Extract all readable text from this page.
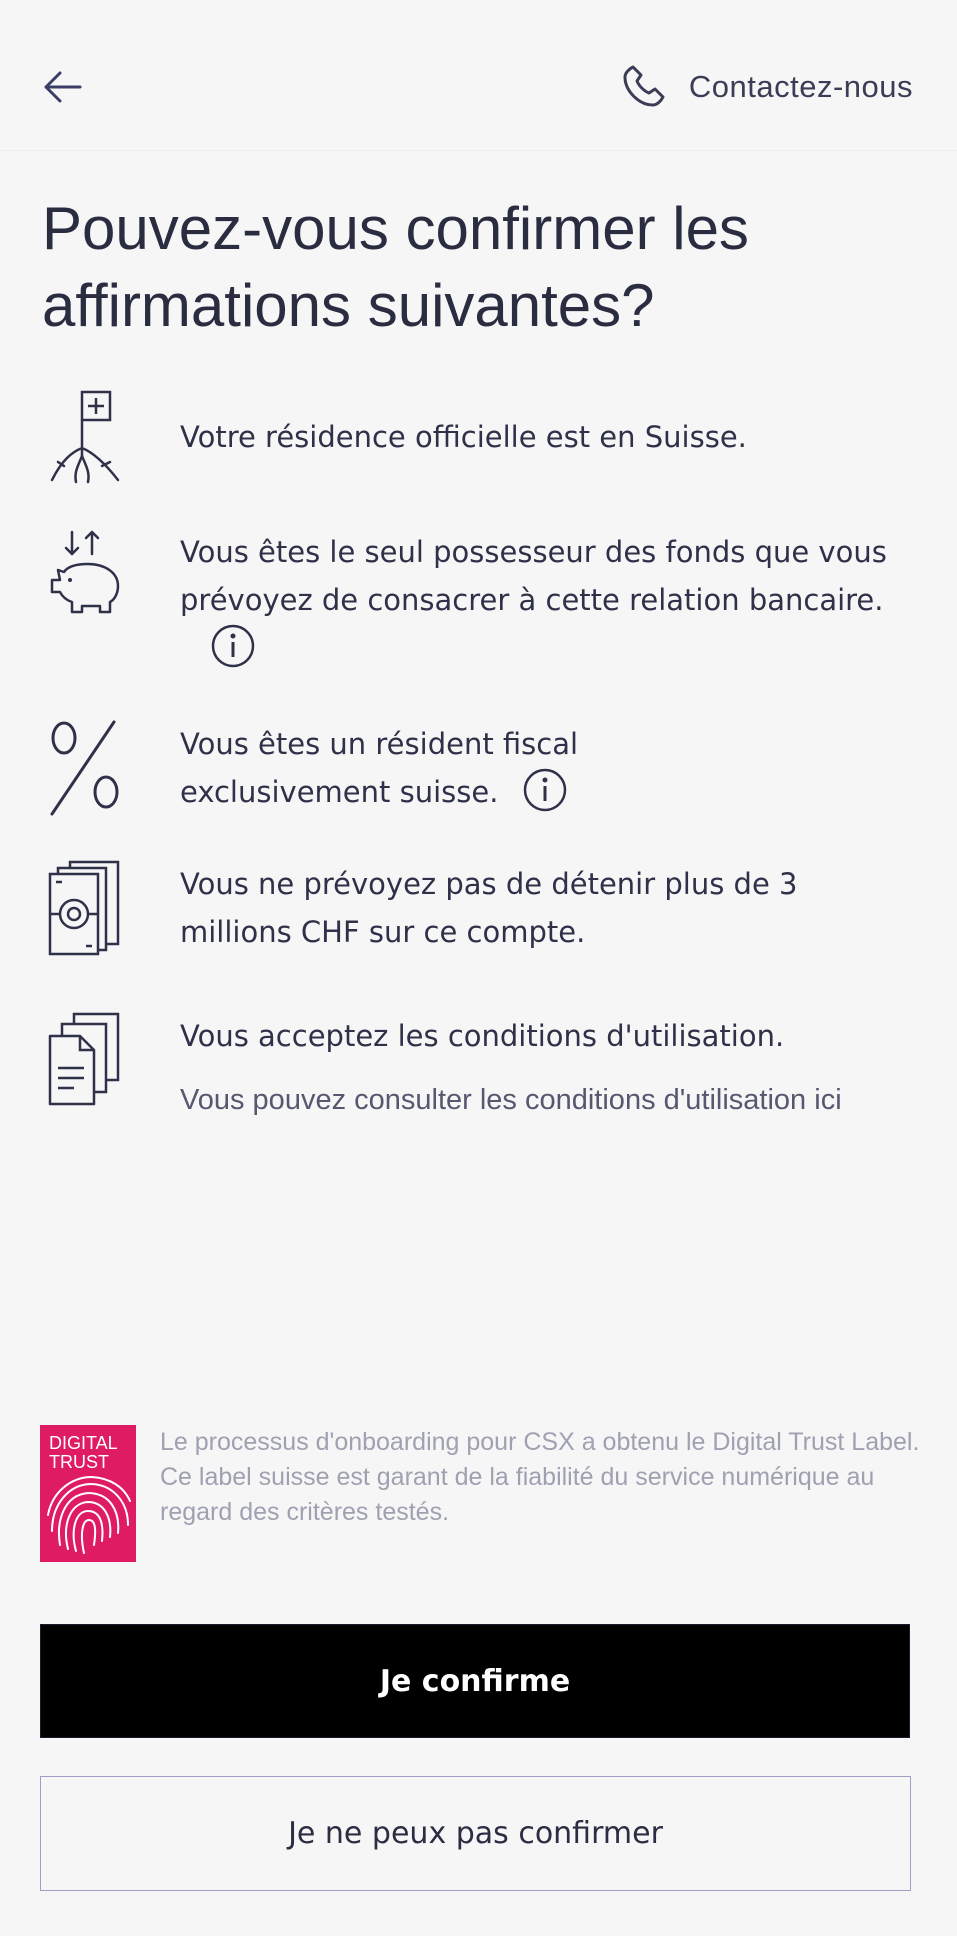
Contactez-nous
Pouvez-vous confirmer les affirmations suivantes?
Votre résidence officielle est en Suisse.
Vous êtes le seul possesseur des fonds que vous prévoyez de consacrer à cette relation bancaire.
Vous êtes un résident fiscal exclusivement suisse.
Vous ne prévoyez pas de détenir plus de 3 millions CHF sur ce compte.
Vous acceptez les conditions d'utilisation.
Vous pouvez consulter les conditions d'utilisation ici
DIGITAL
TRUST
Le processus d'onboarding pour CSX a obtenu le Digital Trust Label. Ce label suisse est garant de la fiabilité du service numérique au regard des critères testés.
Je confirme
Je ne peux pas confirmer
